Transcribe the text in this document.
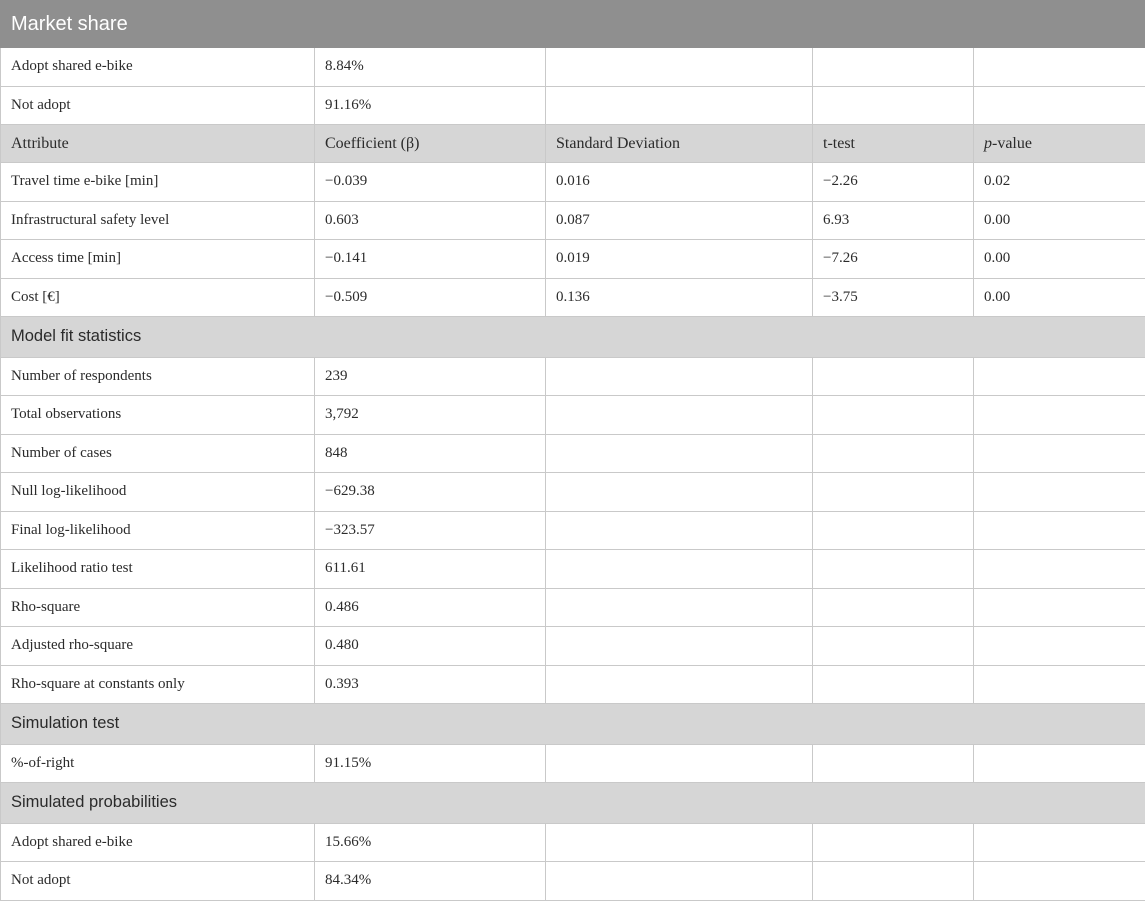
Market share				
Adopt shared e-bike	8.84%			
Not adopt	91.16%			
Attribute	Coefficient (β)	Standard Deviation	t-test	p-value
Travel time e-bike [min]	−0.039	0.016	−2.26	0.02
Infrastructural safety level	0.603	0.087	6.93	0.00
Access time [min]	−0.141	0.019	−7.26	0.00
Cost [€]	−0.509	0.136	−3.75	0.00
Model fit statistics				
Number of respondents	239			
Total observations	3,792			
Number of cases	848			
Null log-likelihood	−629.38			
Final log-likelihood	−323.57			
Likelihood ratio test	611.61			
Rho-square	0.486			
Adjusted rho-square	0.480			
Rho-square at constants only	0.393			
Simulation test				
%-of-right	91.15%			
Simulated probabilities				
Adopt shared e-bike	15.66%			
Not adopt	84.34%			
